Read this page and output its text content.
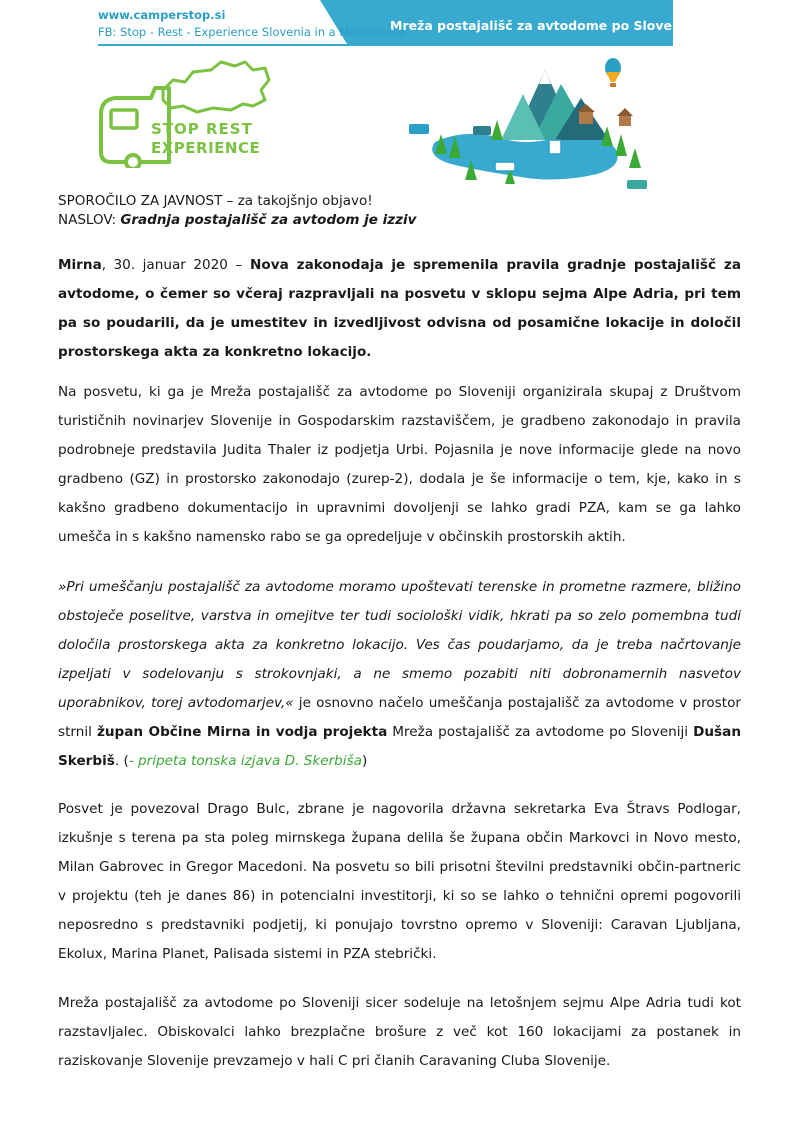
Mreža postajališč za avtodome po Sloveniji
www.camperstop.si
FB: Stop - Rest - Experience Slovenia in a Motorhome
STOP REST
EXPERIENCE
SPOROČILO ZA JAVNOST – za takojšnjo objavo!
NASLOV: Gradnja postajališč za avtodom je izziv

Mirna, 30. januar 2020 – Nova zakonodaja je spremenila pravila gradnje postajališč za avtodome, o čemer so včeraj razpravljali na posvetu v sklopu sejma Alpe Adria, pri tem pa so poudarili, da je umestitev in izvedljivost odvisna od posamične lokacije in določil prostorskega akta za konkretno lokacijo.

Na posvetu, ki ga je Mreža postajališč za avtodome po Sloveniji organizirala skupaj z Društvom turističnih novinarjev Slovenije in Gospodarskim razstaviščem, je gradbeno zakonodajo in pravila podrobneje predstavila Judita Thaler iz podjetja Urbi. Pojasnila je nove informacije glede na novo gradbeno (GZ) in prostorsko zakonodajo (zurep-2), dodala je še informacije o tem, kje, kako in s kakšno gradbeno dokumentacijo in upravnimi dovoljenji se lahko gradi PZA, kam se ga lahko umešča in s kakšno namensko rabo se ga opredeljuje v občinskih prostorskih aktih.

»Pri umeščanju postajališč za avtodome moramo upoštevati terenske in prometne razmere, bližino obstoječe poselitve, varstva in omejitve ter tudi sociološki vidik, hkrati pa so zelo pomembna tudi določila prostorskega akta za konkretno lokacijo. Ves čas poudarjamo, da je treba načrtovanje izpeljati v sodelovanju s strokovnjaki, a ne smemo pozabiti niti dobronamernih nasvetov uporabnikov, torej avtodomarjev,« je osnovno načelo umeščanja postajališč za avtodome v prostor strnil župan Občine Mirna in vodja projekta Mreža postajališč za avtodome po Sloveniji Dušan Skerbiš. (- pripeta tonska izjava D. Skerbiša)

Posvet je povezoval Drago Bulc, zbrane je nagovorila državna sekretarka Eva Štravs Podlogar, izkušnje s terena pa sta poleg mirnskega župana delila še župana občin Markovci in Novo mesto, Milan Gabrovec in Gregor Macedoni. Na posvetu so bili prisotni številni predstavniki občin-partneric v projektu (teh je danes 86) in potencialni investitorji, ki so se lahko o tehnični opremi pogovorili neposredno s predstavniki podjetij, ki ponujajo tovrstno opremo v Sloveniji: Caravan Ljubljana, Ekolux, Marina Planet, Palisada sistemi in PZA stebrički.

Mreža postajališč za avtodome po Sloveniji sicer sodeluje na letošnjem sejmu Alpe Adria tudi kot razstavljalec. Obiskovalci lahko brezplačne brošure z več kot 160 lokacijami za postanek in raziskovanje Slovenije prevzamejo v hali C pri članih Caravaning Cluba Slovenije.
